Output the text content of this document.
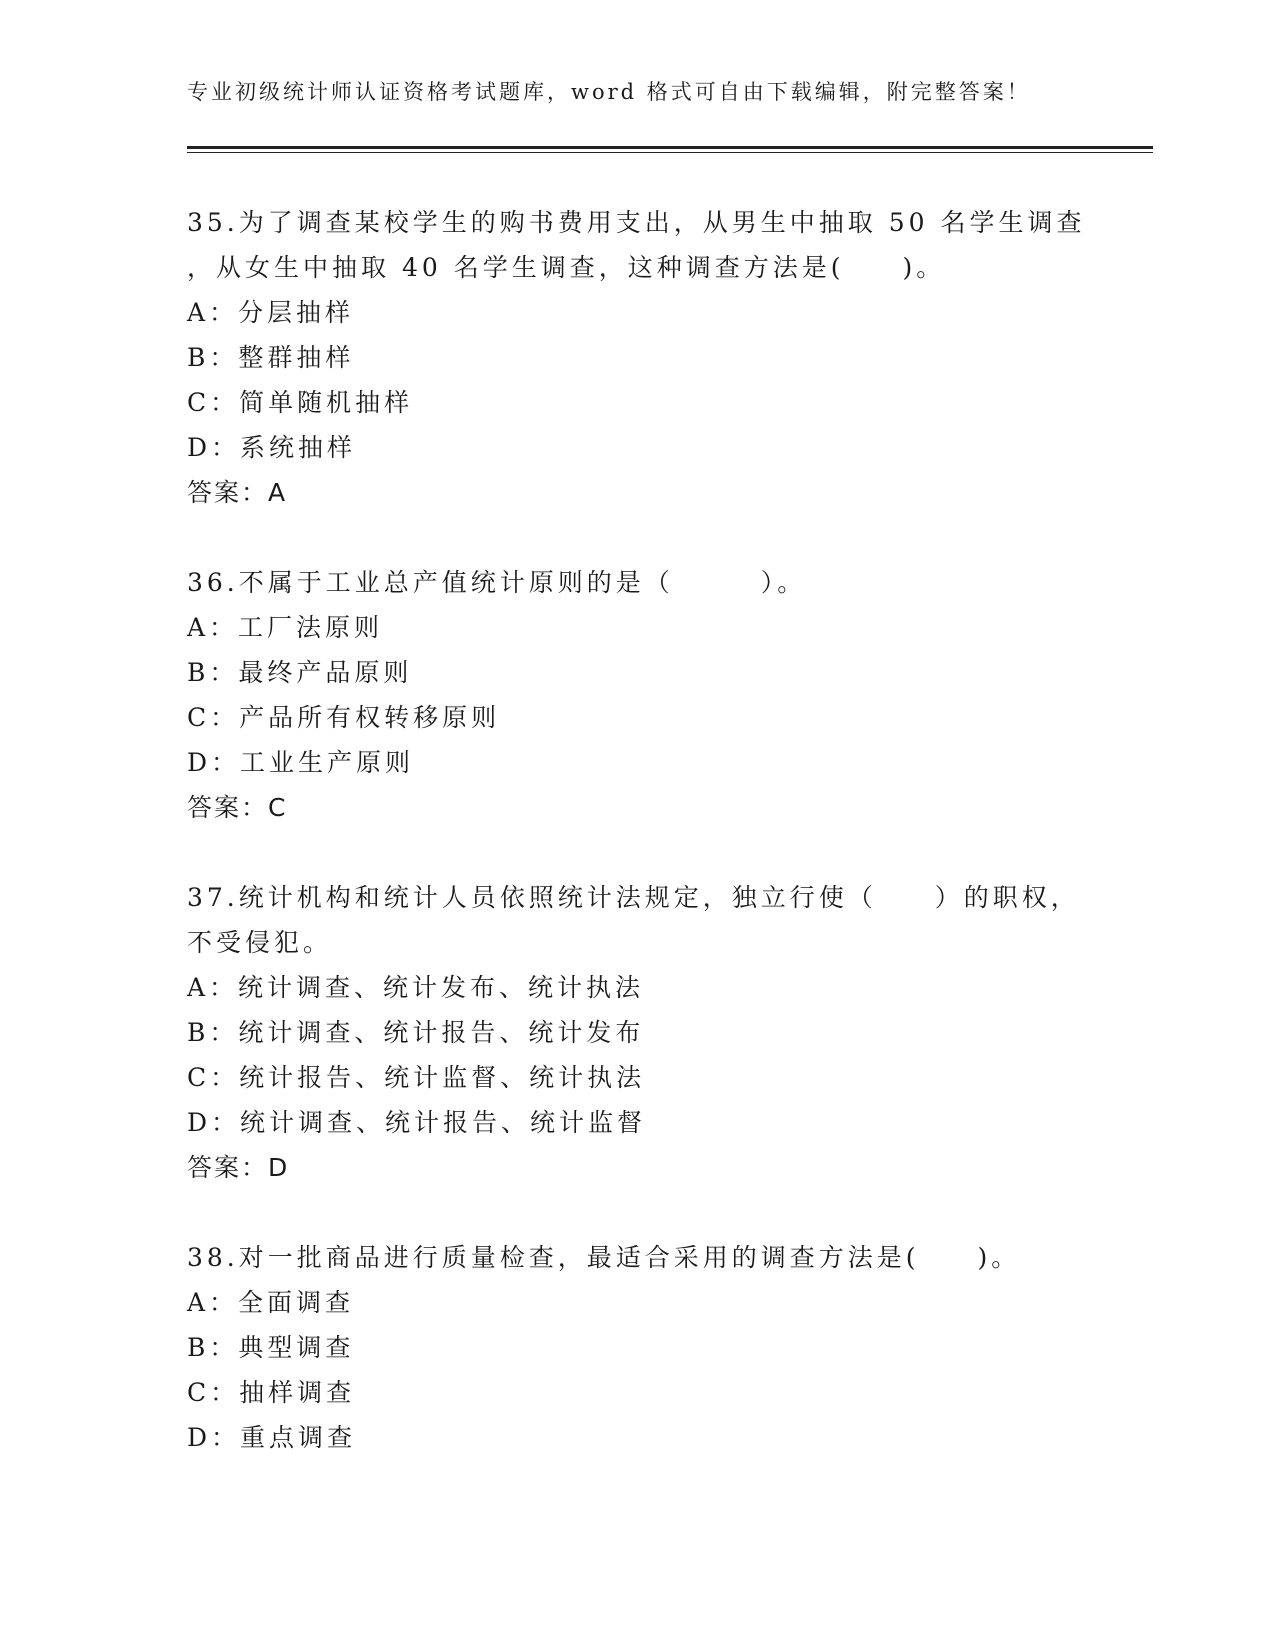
专业初级统计师认证资格考试题库，word 格式可自由下载编辑，附完整答案！
35.为了调查某校学生的购书费用支出，从男生中抽取 50 名学生调查
，从女生中抽取 40 名学生调查，这种调查方法是(　　)。
A：分层抽样
B：整群抽样
C：简单随机抽样
D：系统抽样
答案：A
36.不属于工业总产值统计原则的是（　　　）。
A：工厂法原则
B：最终产品原则
C：产品所有权转移原则
D：工业生产原则
答案：C
37.统计机构和统计人员依照统计法规定，独立行使（　　）的职权，
不受侵犯。
A：统计调查、统计发布、统计执法
B：统计调查、统计报告、统计发布
C：统计报告、统计监督、统计执法
D：统计调查、统计报告、统计监督
答案：D
38.对一批商品进行质量检查，最适合采用的调查方法是(　　)。
A：全面调查
B：典型调查
C：抽样调查
D：重点调查
